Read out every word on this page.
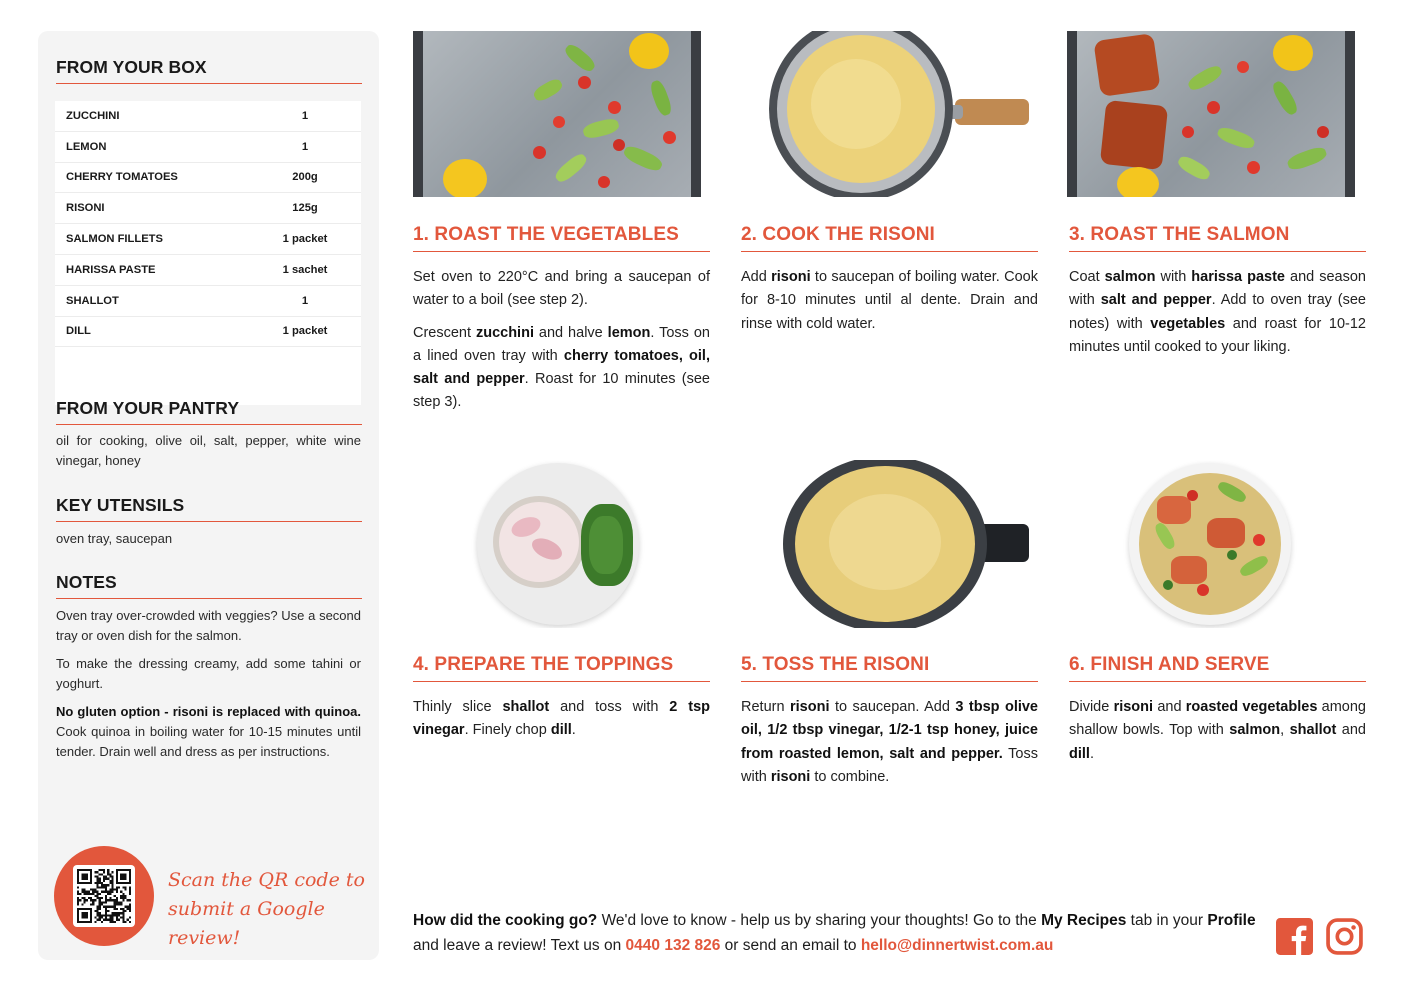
FROM YOUR BOX
ZUCCHINI	1
LEMON	1
CHERRY TOMATOES	200g
RISONI	125g
SALMON FILLETS	1 packet
HARISSA PASTE	1 sachet
SHALLOT	1
DILL	1 packet
FROM YOUR PANTRY

oil for cooking, olive oil, salt, pepper, white wine vinegar, honey

KEY UTENSILS

oven tray, saucepan

NOTES

Oven tray over-crowded with veggies? Use a second tray or oven dish for the salmon.

To make the dressing creamy, add some tahini or yoghurt.

No gluten option - risoni is replaced with quinoa. Cook quinoa in boiling water for 10-15 minutes until tender. Drain well and dress as per instructions.

Scan the QR code to
submit a Google review!
1. ROAST THE VEGETABLES

Set oven to 220°C and bring a saucepan of water to a boil (see step 2).

Crescent zucchini and halve lemon. Toss on a lined oven tray with cherry tomatoes, oil, salt and pepper. Roast for 10 minutes (see step 3).

2. COOK THE RISONI

Add risoni to saucepan of boiling water. Cook for 8-10 minutes until al dente. Drain and rinse with cold water.

3. ROAST THE SALMON

Coat salmon with harissa paste and season with salt and pepper. Add to oven tray (see notes) with vegetables and roast for 10-12 minutes until cooked to your liking.

4. PREPARE THE TOPPINGS

Thinly slice shallot and toss with 2 tsp vinegar. Finely chop dill.

5. TOSS THE RISONI

Return risoni to saucepan. Add 3 tbsp olive oil, 1/2 tbsp vinegar, 1/2-1 tsp honey, juice from roasted lemon, salt and pepper. Toss with risoni to combine.

6. FINISH AND SERVE

Divide risoni and roasted vegetables among shallow bowls. Top with salmon, shallot and dill.

How did the cooking go? We'd love to know - help us by sharing your thoughts! Go to the My Recipes tab in your Profile and leave a review! Text us on 0440 132 826 or send an email to hello@dinnertwist.com.au
